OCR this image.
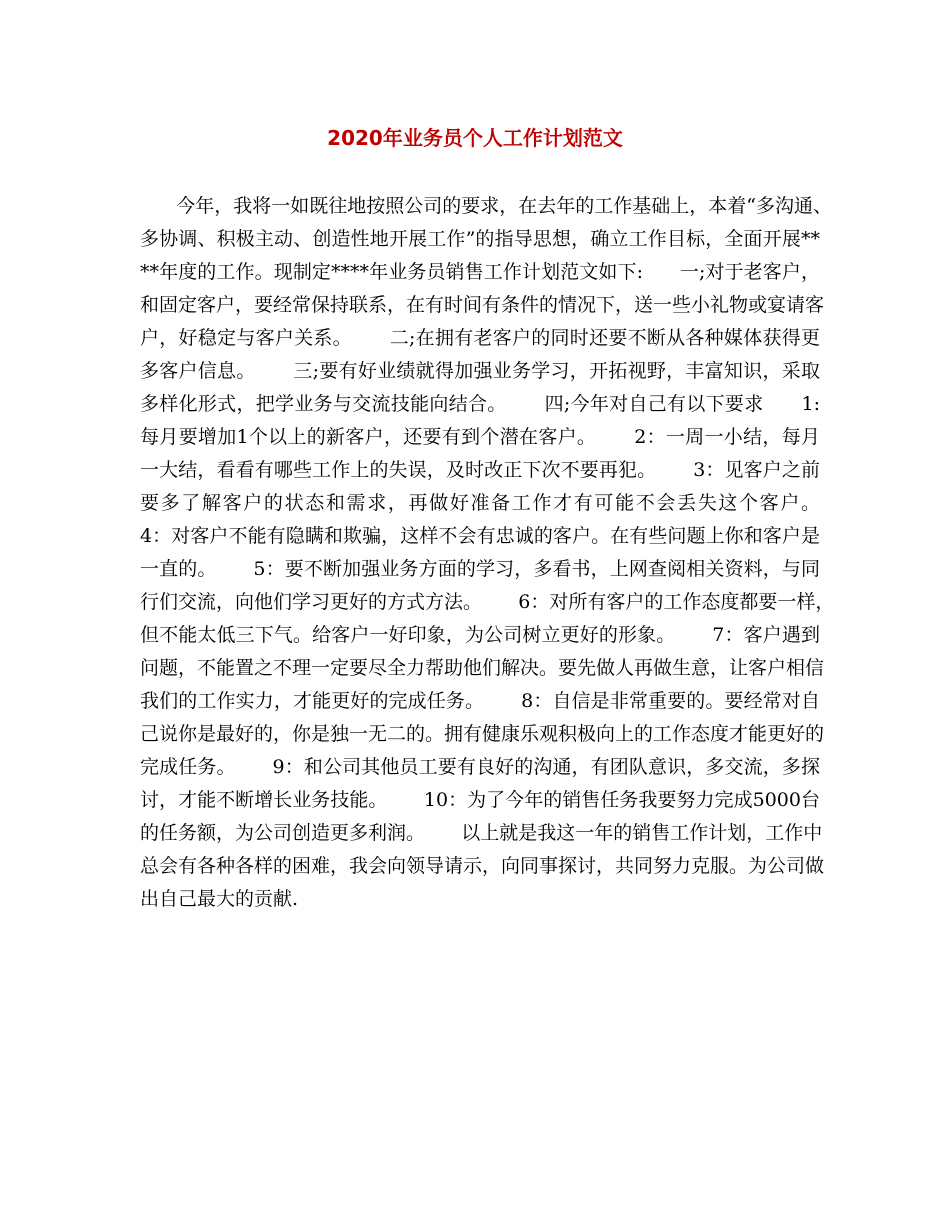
2020年业务员个人工作计划范文
今年，我将一如既往地按照公司的要求，在去年的工作基础上，本着“多沟通、
多协调、积极主动、创造性地开展工作”的指导思想，确立工作目标，全面开展**
**年度的工作。现制定****年业务员销售工作计划范文如下:      一;对于老客户，
和固定客户，要经常保持联系，在有时间有条件的情况下，送一些小礼物或宴请客
户，好稳定与客户关系。      二;在拥有老客户的同时还要不断从各种媒体获得更
多客户信息。      三;要有好业绩就得加强业务学习，开拓视野，丰富知识，采取
多样化形式，把学业务与交流技能向结合。      四;今年对自己有以下要求      1:
每月要增加1个以上的新客户，还要有到个潜在客户。      2：一周一小结，每月
一大结，看看有哪些工作上的失误，及时改正下次不要再犯。      3：见客户之前
要多了解客户的状态和需求，再做好准备工作才有可能不会丢失这个客户。
4：对客户不能有隐瞒和欺骗，这样不会有忠诚的客户。在有些问题上你和客户是
一直的。      5：要不断加强业务方面的学习，多看书，上网查阅相关资料，与同
行们交流，向他们学习更好的方式方法。      6：对所有客户的工作态度都要一样，
但不能太低三下气。给客户一好印象，为公司树立更好的形象。      7：客户遇到
问题，不能置之不理一定要尽全力帮助他们解决。要先做人再做生意，让客户相信
我们的工作实力，才能更好的完成任务。      8：自信是非常重要的。要经常对自
己说你是最好的，你是独一无二的。拥有健康乐观积极向上的工作态度才能更好的
完成任务。      9：和公司其他员工要有良好的沟通，有团队意识，多交流，多探
讨，才能不断增长业务技能。      10：为了今年的销售任务我要努力完成5000台
的任务额，为公司创造更多利润。      以上就是我这一年的销售工作计划，工作中
总会有各种各样的困难，我会向领导请示，向同事探讨，共同努力克服。为公司做
出自己最大的贡献.
